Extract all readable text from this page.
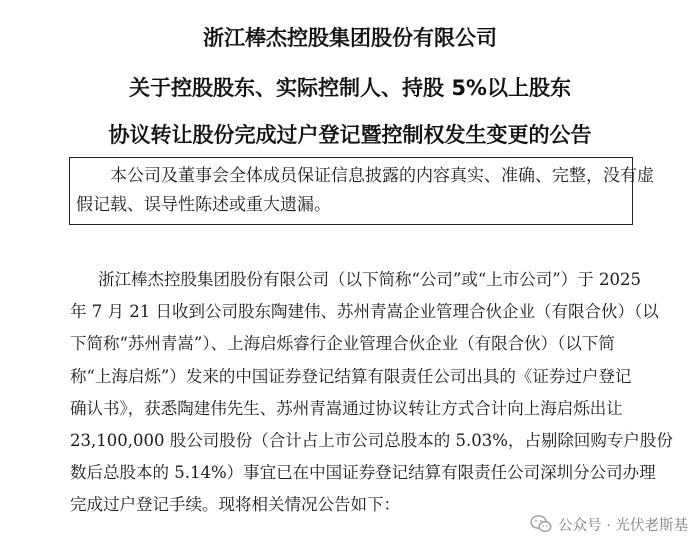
浙江棒杰控股集团股份有限公司
关于控股股东、实际控制人、持股 5%以上股东
协议转让股份完成过户登记暨控制权发生变更的公告
本公司及董事会全体成员保证信息披露的内容真实、准确、完整，没有虚
假记载、误导性陈述或重大遗漏。
浙江棒杰控股集团股份有限公司（以下简称“公司”或“上市公司”）于 2025
年 7 月 21 日收到公司股东陶建伟、苏州青嵩企业管理合伙企业（有限合伙）（以
下简称“苏州青嵩”）、上海启烁睿行企业管理合伙企业（有限合伙）（以下简
称“上海启烁”）发来的中国证券登记结算有限责任公司出具的《证券过户登记
确认书》，获悉陶建伟先生、苏州青嵩通过协议转让方式合计向上海启烁出让
23,100,000 股公司股份（合计占上市公司总股本的 5.03%，占剔除回购专户股份
数后总股本的 5.14%）事宜已在中国证券登记结算有限责任公司深圳分公司办理
完成过户登记手续。现将相关情况公告如下：
公众号 · 光伏老斯基
